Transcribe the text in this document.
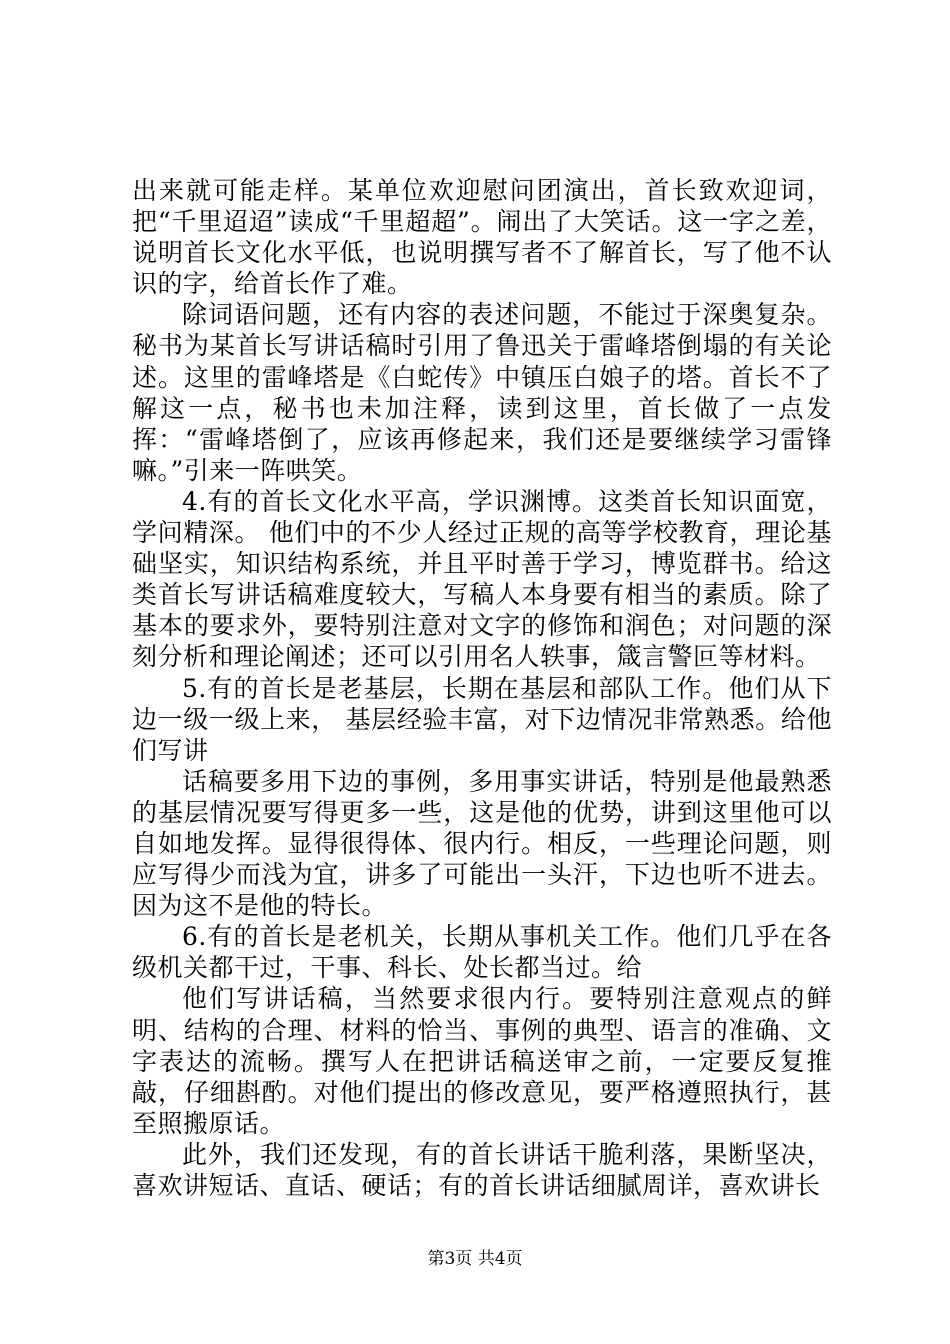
出来就可能走样。某单位欢迎慰问团演出，首长致欢迎词，把“千里迢迢”读成“千里超超”。闹出了大笑话。这一字之差，说明首长文化水平低，也说明撰写者不了解首长，写了他不认识的字，给首长作了难。

除词语问题，还有内容的表述问题，不能过于深奥复杂。秘书为某首长写讲话稿时引用了鲁迅关于雷峰塔倒塌的有关论述。这里的雷峰塔是《白蛇传》中镇压白娘子的塔。首长不了解这一点，秘书也未加注释，读到这里，首长做了一点发挥：“雷峰塔倒了，应该再修起来，我们还是要继续学习雷锋嘛。”引来一阵哄笑。

4.有的首长文化水平高，学识渊博。这类首长知识面宽，学问精深。 他们中的不少人经过正规的高等学校教育，理论基础坚实，知识结构系统，并且平时善于学习，博览群书。给这类首长写讲话稿难度较大，写稿人本身要有相当的素质。除了基本的要求外，要特别注意对文字的修饰和润色；对问题的深刻分析和理论阐述；还可以引用名人轶事，箴言警叵等材料。

5.有的首长是老基层，长期在基层和部队工作。他们从下边一级一级上来， 基层经验丰富，对下边情况非常熟悉。给他们写讲

话稿要多用下边的事例，多用事实讲话，特别是他最熟悉的基层情况要写得更多一些，这是他的优势，讲到这里他可以自如地发挥。显得很得体、很内行。相反，一些理论问题，则应写得少而浅为宜，讲多了可能出一头汗，下边也听不进去。因为这不是他的特长。

6.有的首长是老机关，长期从事机关工作。他们几乎在各级机关都干过，干事、科长、处长都当过。给

他们写讲话稿，当然要求很内行。要特别注意观点的鲜明、结构的合理、材料的恰当、事例的典型、语言的准确、文字表达的流畅。撰写人在把讲话稿送审之前，一定要反复推敲，仔细斟酌。对他们提出的修改意见，要严格遵照执行，甚至照搬原话。

此外，我们还发现，有的首长讲话干脆利落，果断坚决，喜欢讲短话、直话、硬话；有的首长讲话细腻周详，喜欢讲长

第3页 共4页
